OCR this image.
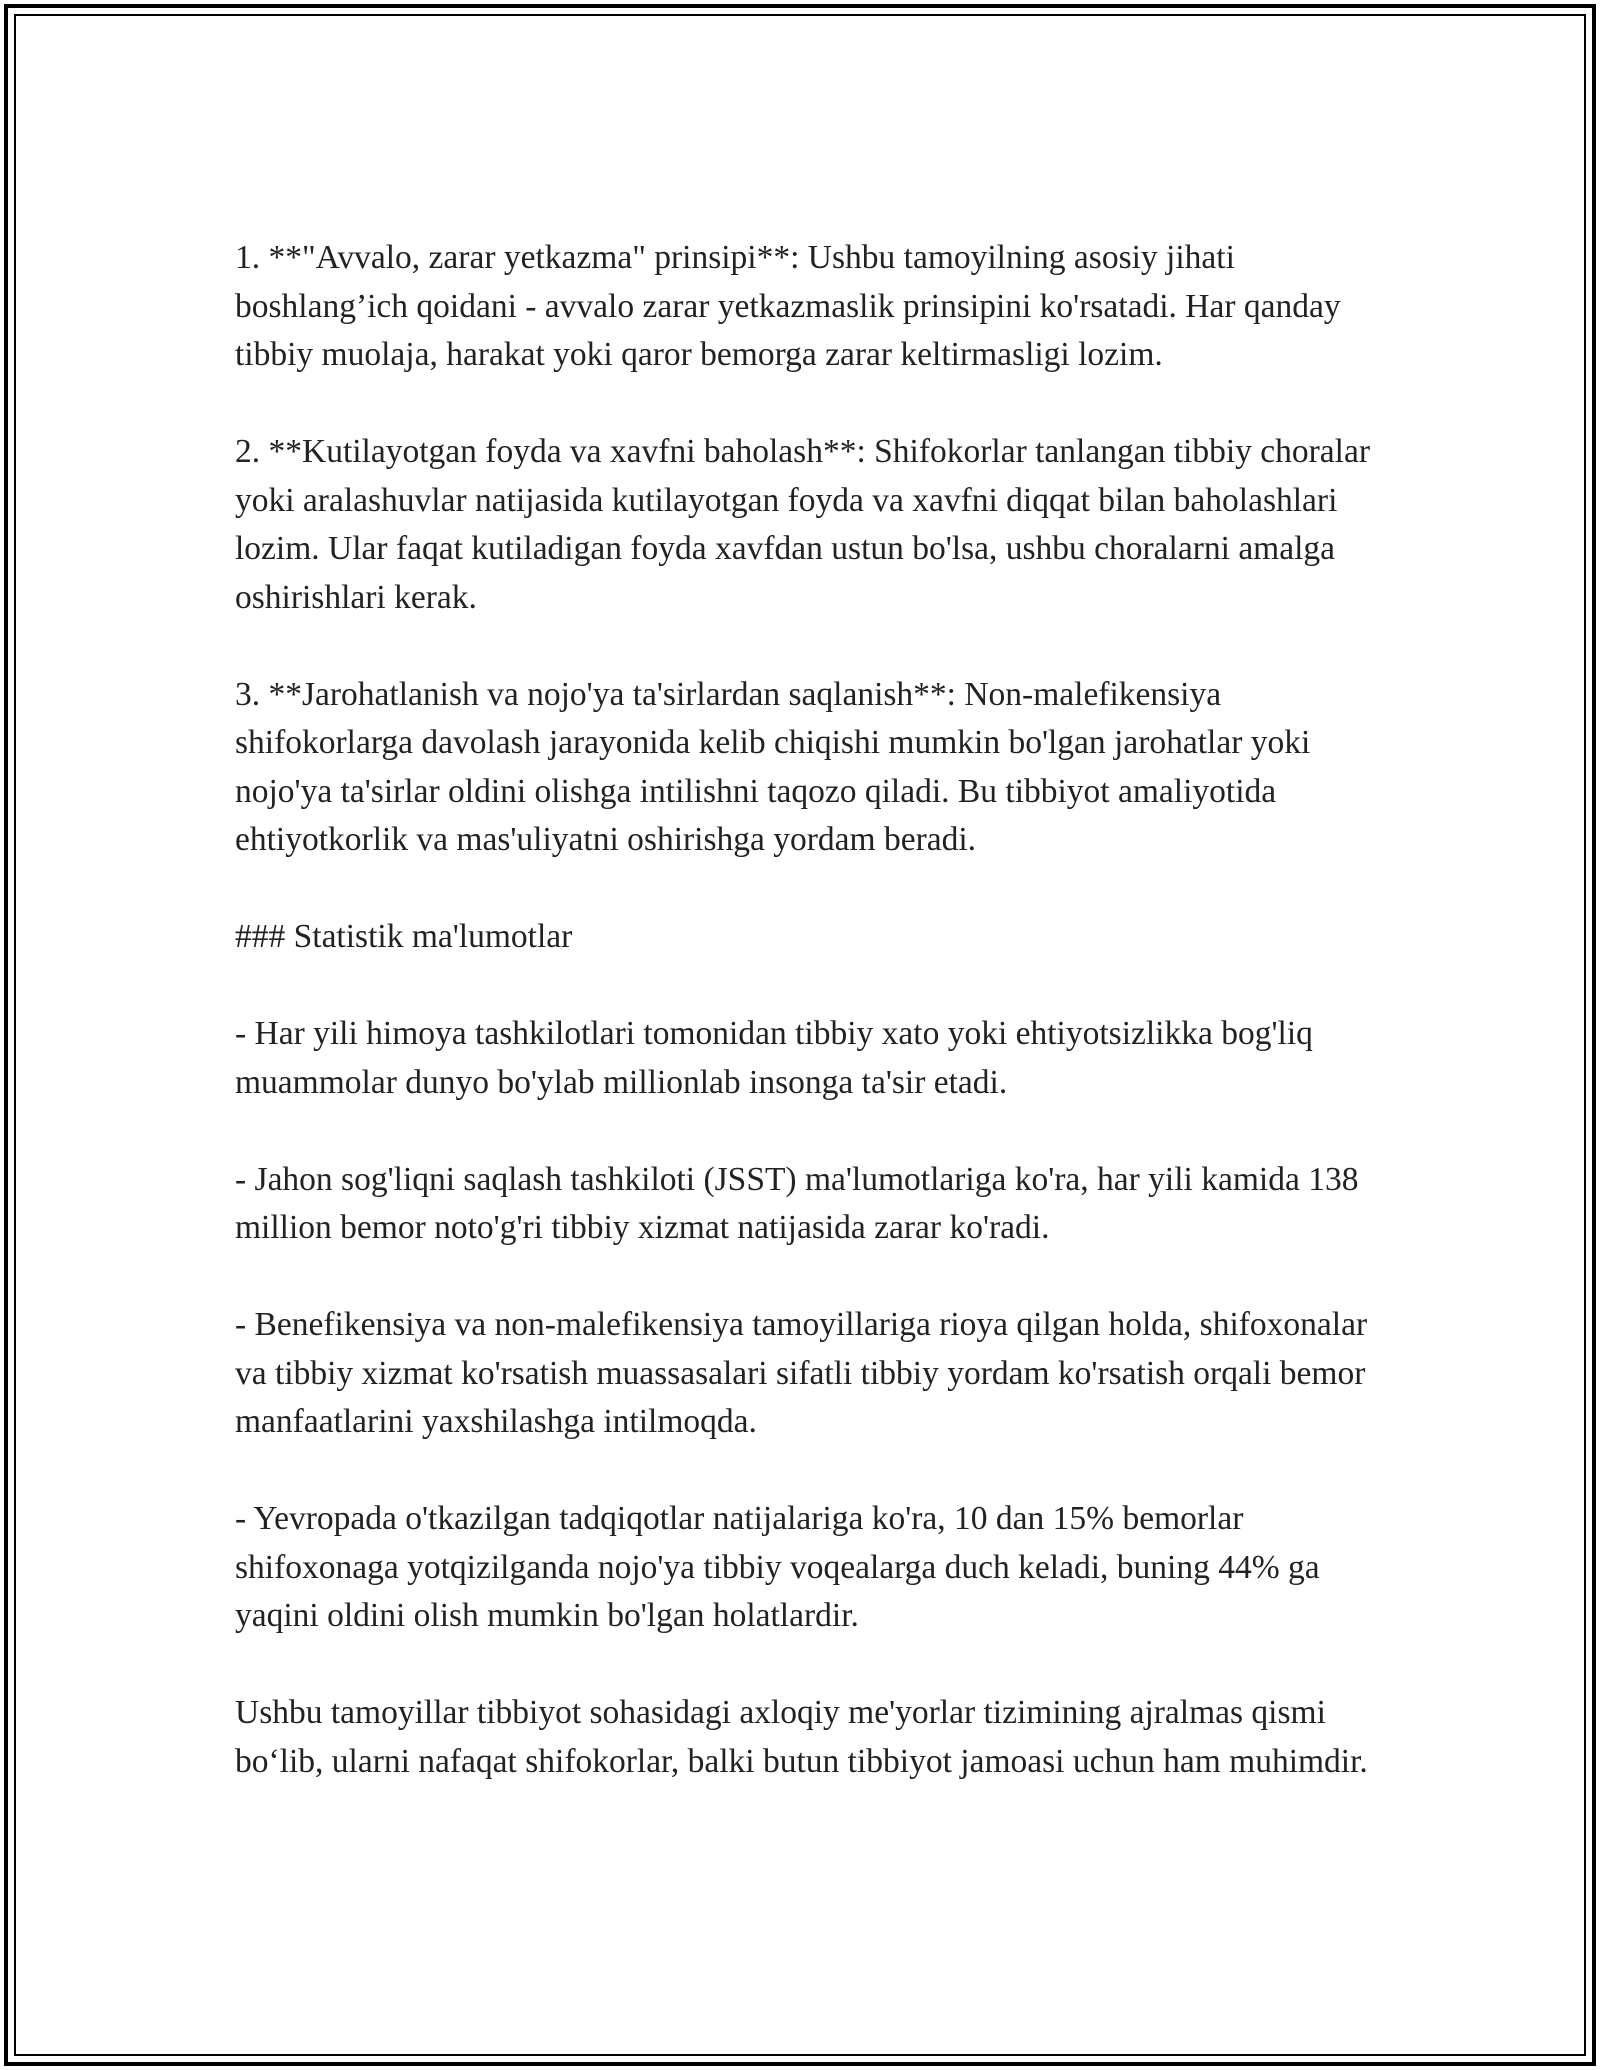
1. **"Avvalo, zarar yetkazma" prinsipi**: Ushbu tamoyilning asosiy jihati boshlang’ich qoidani - avvalo zarar yetkazmaslik prinsipini ko'rsatadi. Har qanday tibbiy muolaja, harakat yoki qaror bemorga zarar keltirmasligi lozim.

2. **Kutilayotgan foyda va xavfni baholash**: Shifokorlar tanlangan tibbiy choralar yoki aralashuvlar natijasida kutilayotgan foyda va xavfni diqqat bilan baholashlari lozim. Ular faqat kutiladigan foyda xavfdan ustun bo'lsa, ushbu choralarni amalga oshirishlari kerak.

3. **Jarohatlanish va nojo'ya ta'sirlardan saqlanish**: Non-malefikensiya shifokorlarga davolash jarayonida kelib chiqishi mumkin bo'lgan jarohatlar yoki nojo'ya ta'sirlar oldini olishga intilishni taqozo qiladi. Bu tibbiyot amaliyotida ehtiyotkorlik va mas'uliyatni oshirishga yordam beradi.

### Statistik ma'lumotlar

- Har yili himoya tashkilotlari tomonidan tibbiy xato yoki ehtiyotsizlikka bog'liq muammolar dunyo bo'ylab millionlab insonga ta'sir etadi.

- Jahon sog'liqni saqlash tashkiloti (JSST) ma'lumotlariga ko'ra, har yili kamida 138 million bemor noto'g'ri tibbiy xizmat natijasida zarar ko'radi.

- Benefikensiya va non-malefikensiya tamoyillariga rioya qilgan holda, shifoxonalar va tibbiy xizmat ko'rsatish muassasalari sifatli tibbiy yordam ko'rsatish orqali bemor manfaatlarini yaxshilashga intilmoqda.

- Yevropada o'tkazilgan tadqiqotlar natijalariga ko'ra, 10 dan 15% bemorlar shifoxonaga yotqizilganda nojo'ya tibbiy voqealarga duch keladi, buning 44% ga yaqini oldini olish mumkin bo'lgan holatlardir.

Ushbu tamoyillar tibbiyot sohasidagi axloqiy me'yorlar tizimining ajralmas qismi bo‘lib, ularni nafaqat shifokorlar, balki butun tibbiyot jamoasi uchun ham muhimdir.
